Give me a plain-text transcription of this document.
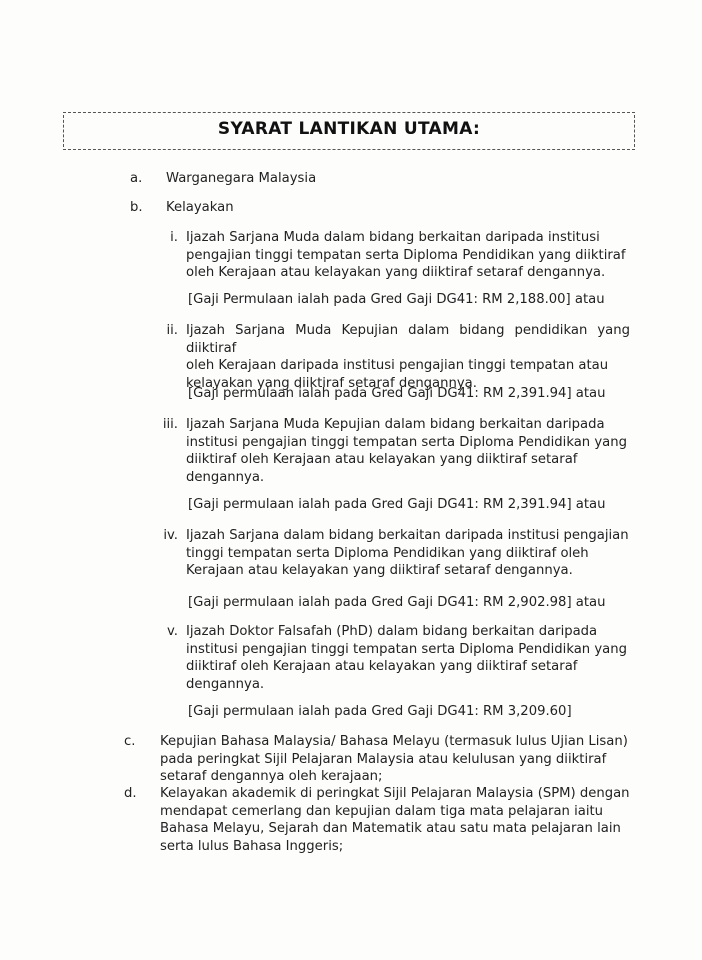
SYARAT LANTIKAN UTAMA:
a.	Warganegara Malaysia
b.	Kelayakan
i. Ijazah Sarjana Muda dalam bidang berkaitan daripada institusi
pengajian tinggi tempatan serta Diploma Pendidikan yang diiktiraf
oleh Kerajaan atau kelayakan yang diiktiraf setaraf dengannya.
[Gaji Permulaan ialah pada Gred Gaji DG41: RM 2,188.00] atau
ii. Ijazah Sarjana Muda Kepujian dalam bidang pendidikan yang diiktiraf
oleh Kerajaan daripada institusi pengajian tinggi tempatan atau
kelayakan yang diiktiraf setaraf dengannya.
[Gaji permulaan ialah pada Gred Gaji DG41: RM 2,391.94] atau
iii. Ijazah Sarjana Muda Kepujian dalam bidang berkaitan daripada
institusi pengajian tinggi tempatan serta Diploma Pendidikan yang
diiktiraf oleh Kerajaan atau kelayakan yang diiktiraf setaraf
dengannya.
[Gaji permulaan ialah pada Gred Gaji DG41: RM 2,391.94] atau
iv. Ijazah Sarjana dalam bidang berkaitan daripada institusi pengajian
tinggi tempatan serta Diploma Pendidikan yang diiktiraf oleh
Kerajaan atau kelayakan yang diiktiraf setaraf dengannya.
[Gaji permulaan ialah pada Gred Gaji DG41: RM 2,902.98] atau
v. Ijazah Doktor Falsafah (PhD) dalam bidang berkaitan daripada
institusi pengajian tinggi tempatan serta Diploma Pendidikan yang
diiktiraf oleh Kerajaan atau kelayakan yang diiktiraf setaraf
dengannya.
[Gaji permulaan ialah pada Gred Gaji DG41: RM 3,209.60]
c.	Kepujian Bahasa Malaysia/ Bahasa Melayu (termasuk lulus Ujian Lisan)
pada peringkat Sijil Pelajaran Malaysia atau kelulusan yang diiktiraf
setaraf dengannya oleh kerajaan;
d.	Kelayakan akademik di peringkat Sijil Pelajaran Malaysia (SPM) dengan
mendapat cemerlang dan kepujian dalam tiga mata pelajaran iaitu
Bahasa Melayu, Sejarah dan Matematik atau satu mata pelajaran lain
serta lulus Bahasa Inggeris;
